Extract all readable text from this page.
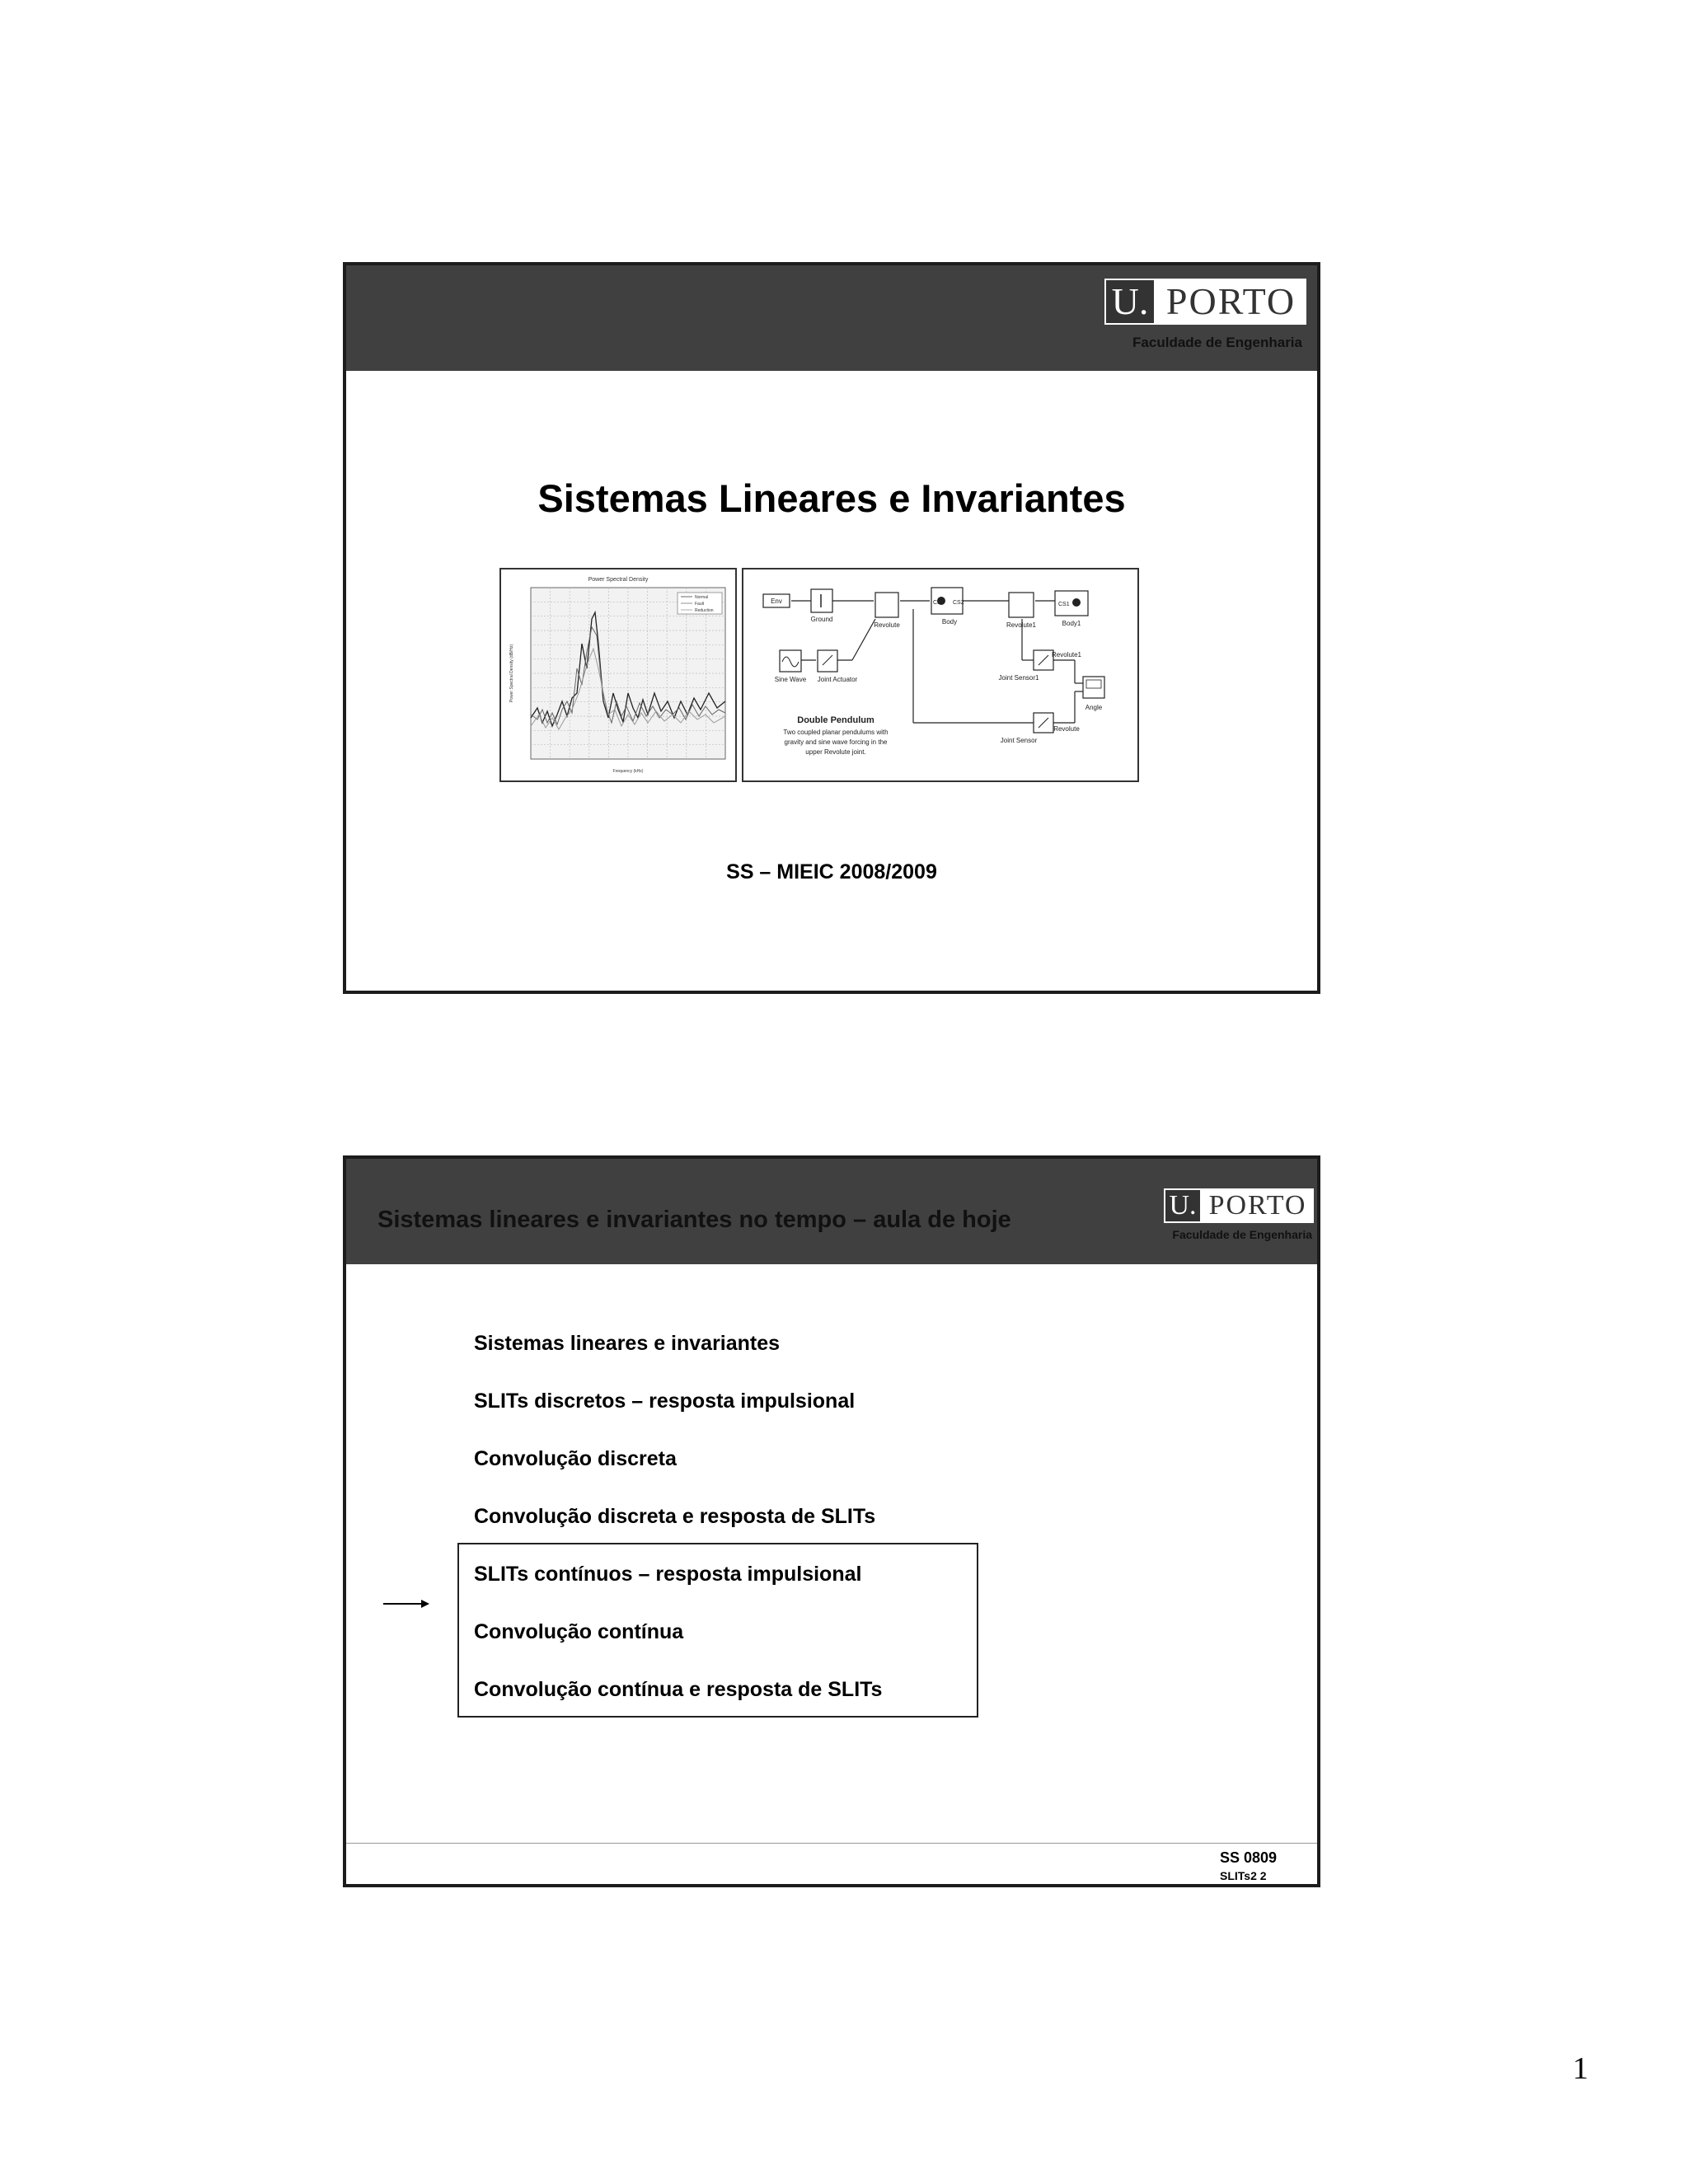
U. PORTO
Faculdade de Engenharia
Sistemas Lineares e Invariantes
Power Spectral Density
Normal
Fault
Reduction
Frequency (kHz)
Power Spectral Density (dB/Hz)
Env
Ground
Revolute	Body	Revolute1	Body1
Sine Wave Joint Actuator	Joint Sensor1
Angle
Joint Sensor
Revolute1
Revolute
CS1 CS2	CS1
Double Pendulum
Two coupled planar pendulums with
gravity and sine wave forcing in the
upper Revolute joint.
SS – MIEIC 2008/2009
Sistemas lineares e invariantes no tempo – aula de hoje	U. PORTO
Faculdade de Engenharia
Sistemas lineares e invariantes
SLITs discretos – resposta impulsional
Convolução discreta
Convolução discreta e resposta de SLITs
SLITs contínuos – resposta impulsional
Convolução contínua
Convolução contínua e resposta de SLITs
SS 0809
SLITs2 2
1
